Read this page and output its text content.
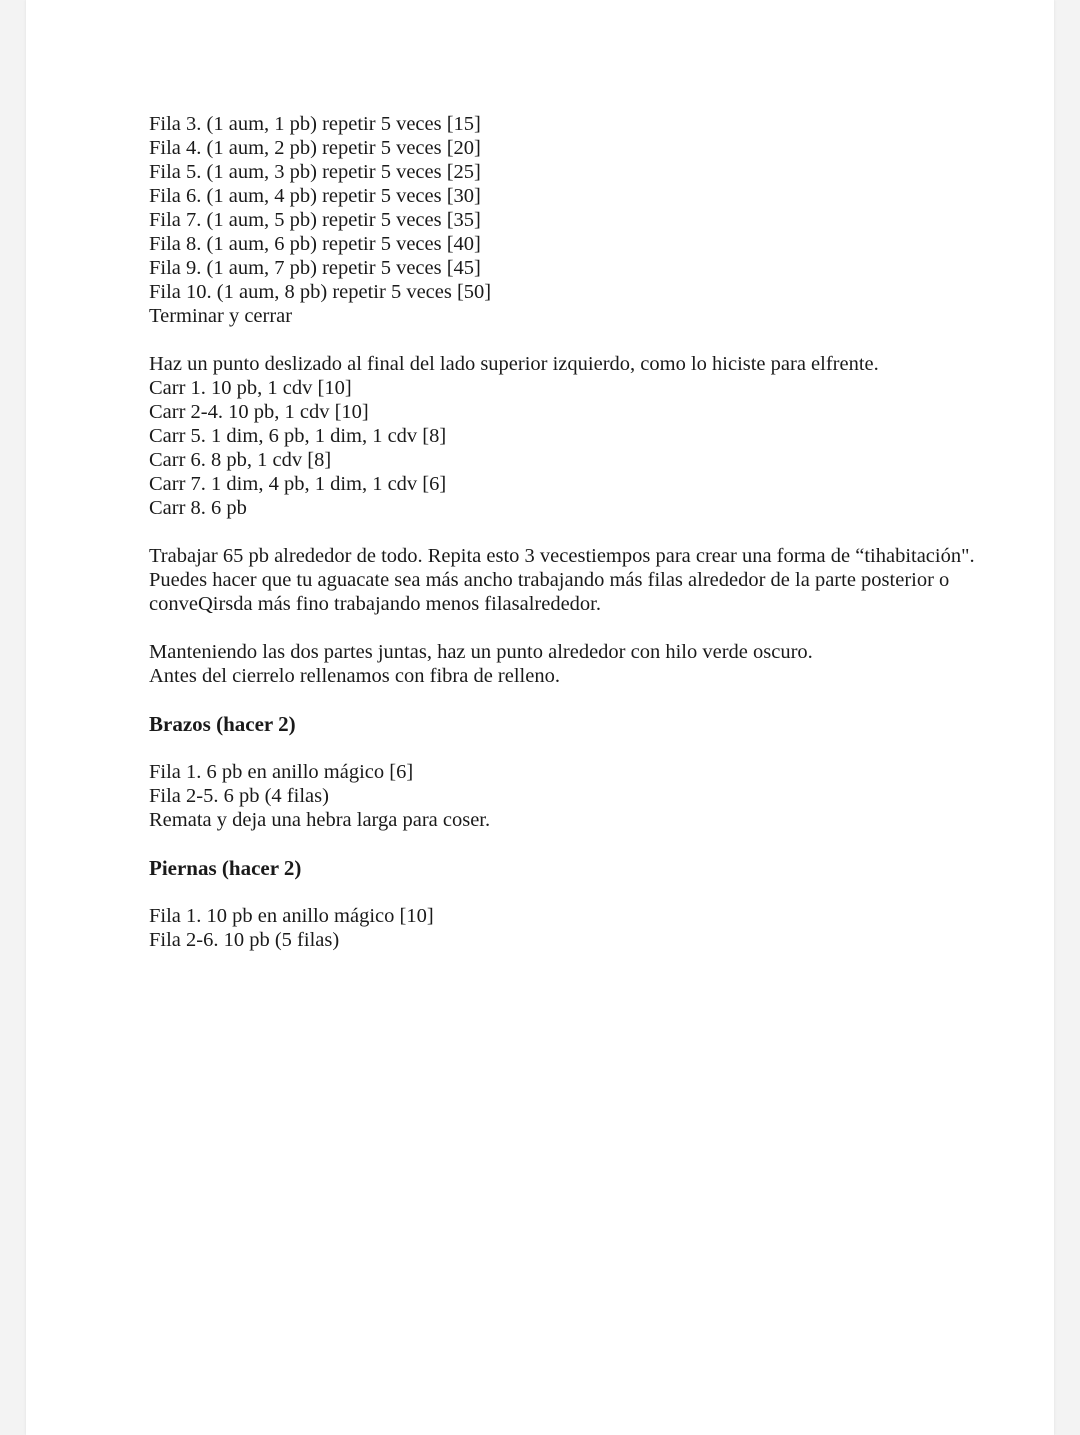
Fila 3. (1 aum, 1 pb) repetir 5 veces [15]
Fila 4. (1 aum, 2 pb) repetir 5 veces [20]
Fila 5. (1 aum, 3 pb) repetir 5 veces [25]
Fila 6. (1 aum, 4 pb) repetir 5 veces [30]
Fila 7. (1 aum, 5 pb) repetir 5 veces [35]
Fila 8. (1 aum, 6 pb) repetir 5 veces [40]
Fila 9. (1 aum, 7 pb) repetir 5 veces [45]
Fila 10. (1 aum, 8 pb) repetir 5 veces [50]
Terminar y cerrar
Haz un punto deslizado al final del lado superior izquierdo, como lo hiciste para elfrente.
Carr 1. 10 pb, 1 cdv [10]
Carr 2-4. 10 pb, 1 cdv [10]
Carr 5. 1 dim, 6 pb, 1 dim, 1 cdv [8]
Carr 6. 8 pb, 1 cdv [8]
Carr 7. 1 dim, 4 pb, 1 dim, 1 cdv [6]
Carr 8. 6 pb
Trabajar 65 pb alrededor de todo. Repita esto 3 vecestiempos para crear una forma de “tihabitación".
Puedes hacer que tu aguacate sea más ancho trabajando más filas alrededor de la parte posterior o
conveQirsda más fino trabajando menos filasalrededor.
Manteniendo las dos partes juntas, haz un punto alrededor con hilo verde oscuro.
Antes del cierrelo rellenamos con fibra de relleno.
Brazos (hacer 2)
Fila 1. 6 pb en anillo mágico [6]
Fila 2-5. 6 pb (4 filas)
Remata y deja una hebra larga para coser.
Piernas (hacer 2)
Fila 1. 10 pb en anillo mágico [10]
Fila 2-6. 10 pb (5 filas)
